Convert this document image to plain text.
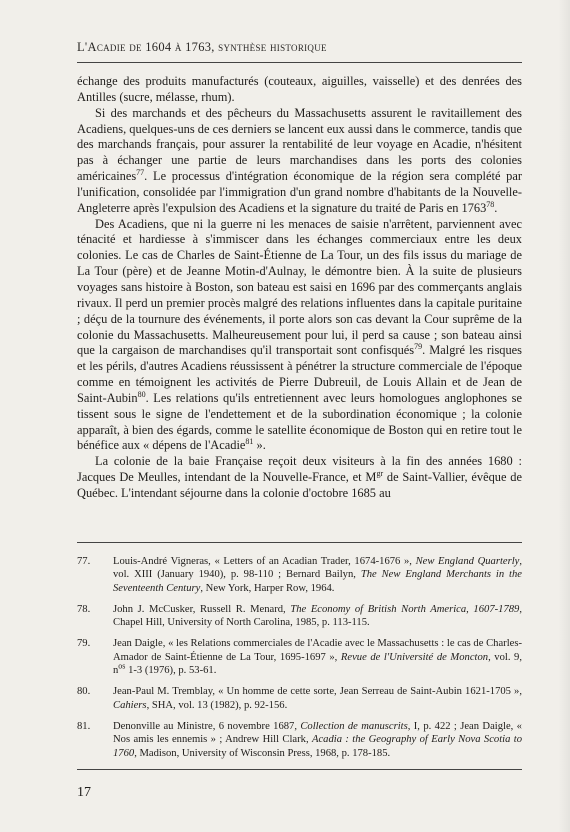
L'Acadie de 1604 à 1763, synthèse historique

échange des produits manufacturés (couteaux, aiguilles, vaisselle) et des denrées des Antilles (sucre, mélasse, rhum).

Si des marchands et des pêcheurs du Massachusetts assurent le ravitaillement des Acadiens, quelques-uns de ces derniers se lancent eux aussi dans le commerce, tandis que des marchands français, pour assurer la rentabilité de leur voyage en Acadie, n'hésitent pas à échanger une partie de leurs marchandises dans les ports des colonies américaines$^{77}$. Le processus d'intégration économique de la région sera complété par l'unification, consolidée par l'immigration d'un grand nombre d'habitants de la Nouvelle-Angleterre après l'expulsion des Acadiens et la signature du traité de Paris en 1763$^{78}$.

Des Acadiens, que ni la guerre ni les menaces de saisie n'arrêtent, parviennent avec ténacité et hardiesse à s'immiscer dans les échanges commerciaux entre les deux colonies. Le cas de Charles de Saint-Étienne de La Tour, un des fils issus du mariage de La Tour (père) et de Jeanne Motin-d'Aulnay, le démontre bien. À la suite de plusieurs voyages sans histoire à Boston, son bateau est saisi en 1696 par des commerçants anglais rivaux. Il perd un premier procès malgré des relations influentes dans la capitale puritaine ; déçu de la tournure des événements, il porte alors son cas devant la Cour suprême de la colonie du Massachusetts. Malheureusement pour lui, il perd sa cause ; son bateau ainsi que la cargaison de marchandises qu'il transportait sont confisqués$^{79}$. Malgré les risques et les périls, d'autres Acadiens réussissent à pénétrer la structure commerciale de l'époque comme en témoignent les activités de Pierre Dubreuil, de Louis Allain et de Jean de Saint-Aubin$^{80}$. Les relations qu'ils entretiennent avec leurs homologues anglophones se tissent sous le signe de l'endettement et de la subordination économique ; la colonie apparaît, à bien des égards, comme le satellite économique de Boston qui en retire tout le bénéfice aux « dépens de l'Acadie$^{81}$ ».

La colonie de la baie Française reçoit deux visiteurs à la fin des années 1680 : Jacques De Meulles, intendant de la Nouvelle-France, et $M^{gr}$ de Saint-Vallier, évêque de Québec. L'intendant séjourne dans la colonie d'octobre 1685 au

77.	Louis-André Vigneras, « Letters of an Acadian Trader, 1674-1676 », New England Quarterly, vol. XIII (January 1940), p. 98-110 ; Bernard Bailyn, The New England Merchants in the Seventeenth Century, New York, Harper Row, 1964.
78.	John J. McCusker, Russell R. Menard, The Economy of British North America, 1607-1789, Chapel Hill, University of North Carolina, 1985, p. 113-115.
79.	Jean Daigle, « les Relations commerciales de l'Acadie avec le Massachusetts : le cas de Charles-Amador de Saint-Étienne de La Tour, 1695-1697 », Revue de l'Université de Moncton, vol. 9, $n^{os}$ 1-3 (1976), p. 53-61.
80.	Jean-Paul M. Tremblay, « Un homme de cette sorte, Jean Serreau de Saint-Aubin 1621-1705 », Cahiers, SHA, vol. 13 (1982), p. 92-156.
81.	Denonville au Ministre, 6 novembre 1687, Collection de manuscrits, I, p. 422 ; Jean Daigle, « Nos amis les ennemis » ; Andrew Hill Clark, Acadia : the Geography of Early Nova Scotia to 1760, Madison, University of Wisconsin Press, 1968, p. 178-185.
17
